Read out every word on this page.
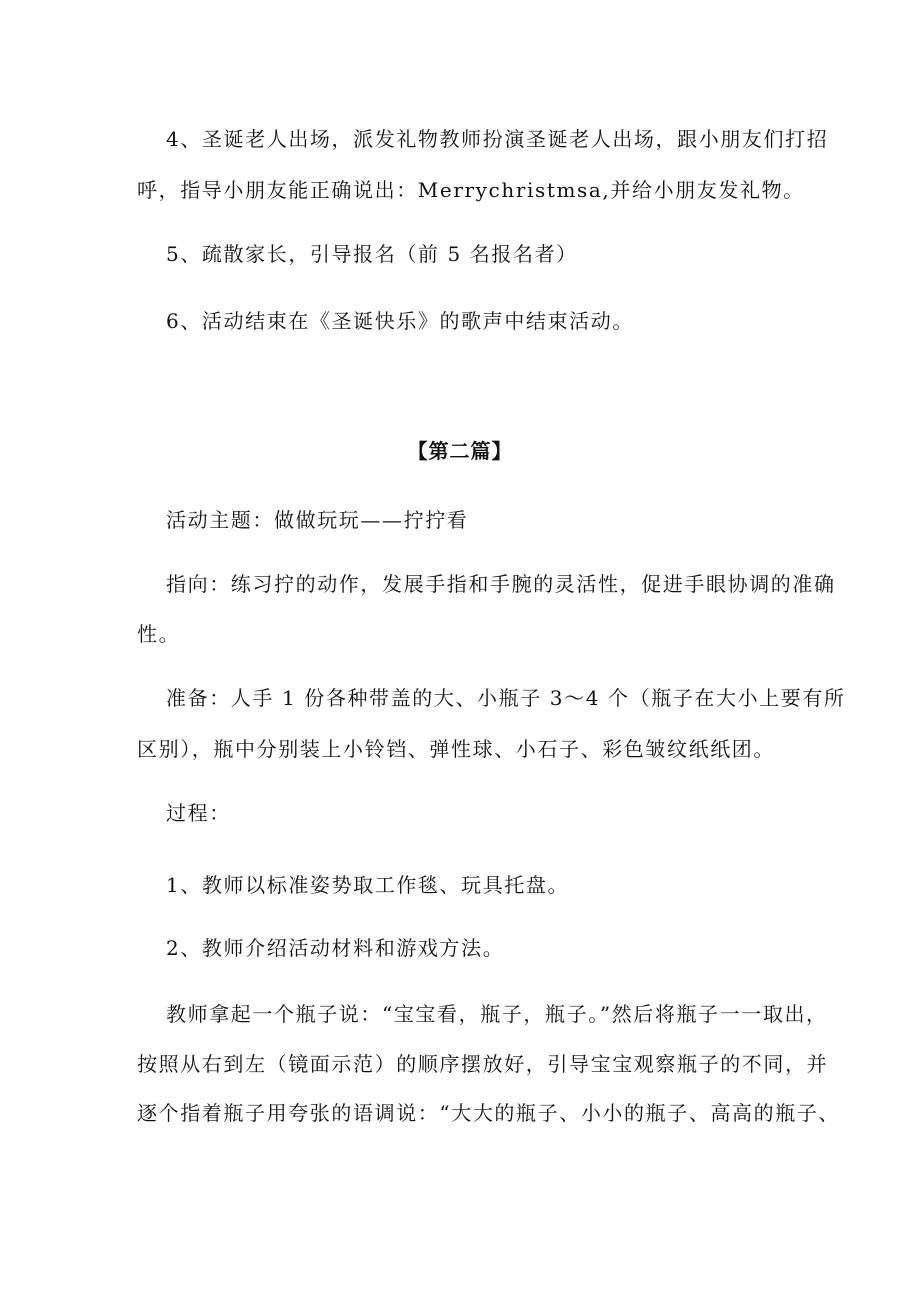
4、圣诞老人出场，派发礼物教师扮演圣诞老人出场，跟小朋友们打招
呼，指导小朋友能正确说出：Merrychristmsa,并给小朋友发礼物。
5、疏散家长，引导报名（前 5 名报名者）
6、活动结束在《圣诞快乐》的歌声中结束活动。
【第二篇】
活动主题：做做玩玩——拧拧看
指向：练习拧的动作，发展手指和手腕的灵活性，促进手眼协调的准确
性。
准备：人手 1 份各种带盖的大、小瓶子 3～4 个（瓶子在大小上要有所
区别），瓶中分别装上小铃铛、弹性球、小石子、彩色皱纹纸纸团。
过程：
1、教师以标准姿势取工作毯、玩具托盘。
2、教师介绍活动材料和游戏方法。
教师拿起一个瓶子说：“宝宝看，瓶子，瓶子。”然后将瓶子一一取出，
按照从右到左（镜面示范）的顺序摆放好，引导宝宝观察瓶子的不同，并
逐个指着瓶子用夸张的语调说：“大大的瓶子、小小的瓶子、高高的瓶子、
